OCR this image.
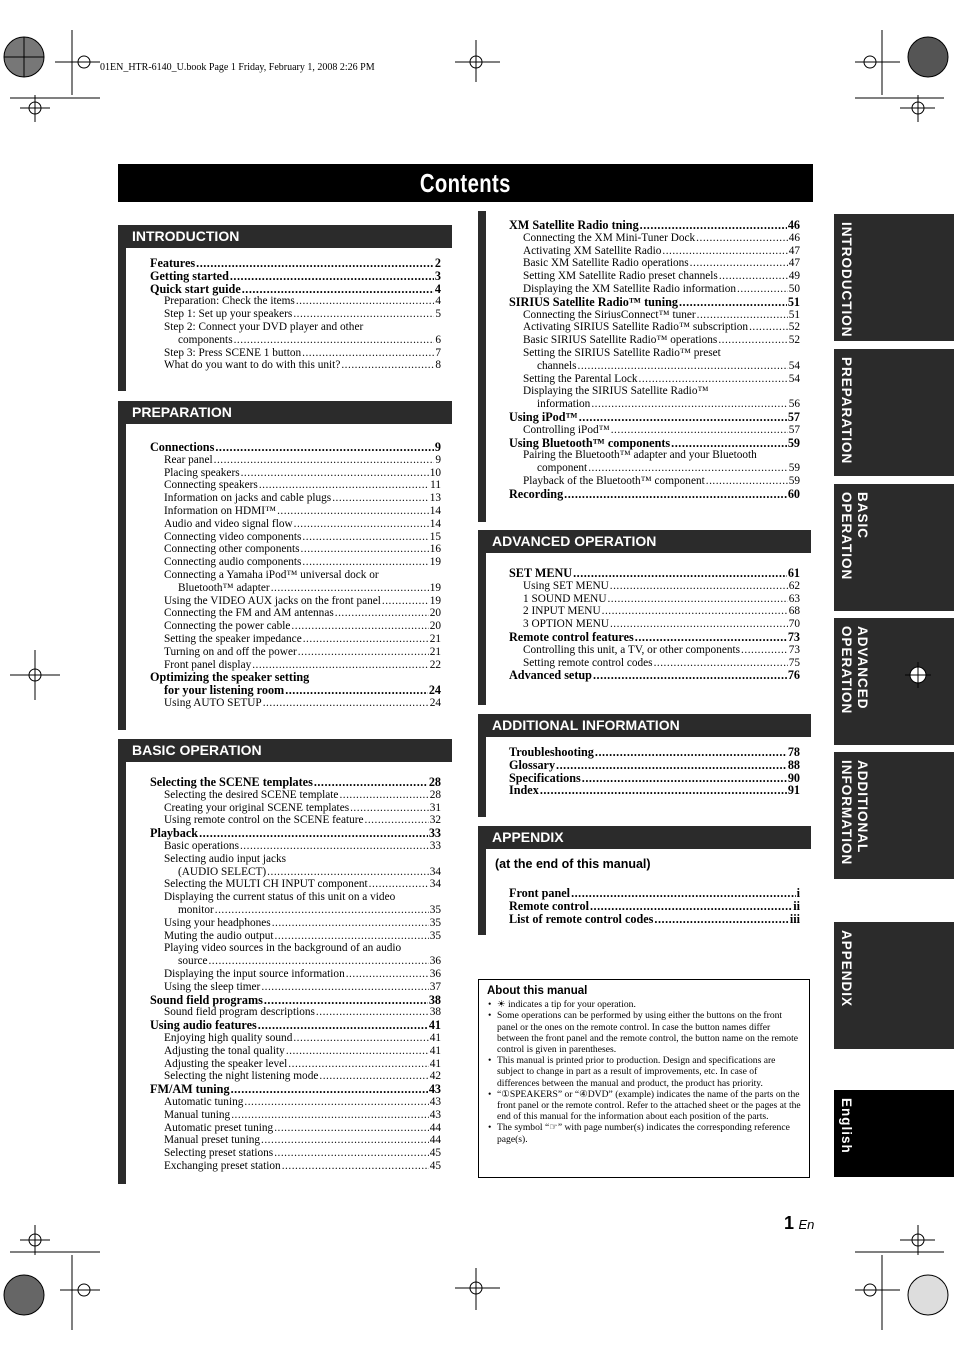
01EN_HTR-6140_U.book Page 1 Friday, February 1, 2008 2:26 PM
Contents
INTRODUCTION
Features .....	2
Getting started .....	3
Quick start guide .....	4
Preparation: Check the items .....	4
Step 1: Set up your speakers .....	5
Step 2: Connect your DVD player and other
components .....	6
Step 3: Press SCENE 1 button .....	7
What do you want to do with this unit? .....	8
PREPARATION
Connections .....	9
Rear panel .....	9
Placing speakers .....	10
Connecting speakers .....	11
Information on jacks and cable plugs .....	13
Information on HDMI™ .....	14
Audio and video signal flow .....	14
Connecting video components .....	15
Connecting other components .....	16
Connecting audio components .....	19
Connecting a Yamaha iPod™ universal dock or
Bluetooth™ adapter .....	19
Using the VIDEO AUX jacks on the front panel .....	19
Connecting the FM and AM antennas .....	20
Connecting the power cable .....	20
Setting the speaker impedance .....	21
Turning on and off the power .....	21
Front panel display .....	22
Optimizing the speaker setting
for your listening room .....	24
Using AUTO SETUP .....	24
BASIC OPERATION
Selecting the SCENE templates .....	28
Selecting the desired SCENE template .....	28
Creating your original SCENE templates .....	31
Using remote control on the SCENE feature .....	32
Playback .....	33
Basic operations .....	33
Selecting audio input jacks
(AUDIO SELECT) .....	34
Selecting the MULTI CH INPUT component .....	34
Displaying the current status of this unit on a video
monitor .....	35
Using your headphones .....	35
Muting the audio output .....	35
Playing video sources in the background of an audio
source .....	36
Displaying the input source information .....	36
Using the sleep timer .....	37
Sound field programs .....	38
Sound field program descriptions .....	38
Using audio features .....	41
Enjoying high quality sound .....	41
Adjusting the tonal quality .....	41
Adjusting the speaker level .....	41
Selecting the night listening mode .....	42
FM/AM tuning .....	43
Automatic tuning .....	43
Manual tuning .....	43
Automatic preset tuning .....	44
Manual preset tuning .....	44
Selecting preset stations .....	45
Exchanging preset station .....	45
XM Satellite Radio tning .....	46
Connecting the XM Mini-Tuner Dock .....	46
Activating XM Satellite Radio .....	47
Basic XM Satellite Radio operations .....	47
Setting XM Satellite Radio preset channels .....	49
Displaying the XM Satellite Radio information .....	50
SIRIUS Satellite Radio™ tuning .....	51
Connecting the SiriusConnect™ tuner .....	51
Activating SIRIUS Satellite Radio™ subscription .....	52
Basic SIRIUS Satellite Radio™ operations .....	52
Setting the SIRIUS Satellite Radio™ preset
channels .....	54
Setting the Parental Lock .....	54
Displaying the SIRIUS Satellite Radio™
information .....	56
Using iPod™ .....	57
Controlling iPod™ .....	57
Using Bluetooth™ components .....	59
Pairing the Bluetooth™ adapter and your Bluetooth
component .....	59
Playback of the Bluetooth™ component .....	59
Recording .....	60
ADVANCED OPERATION
SET MENU .....	61
Using SET MENU .....	62
1 SOUND MENU .....	63
2 INPUT MENU .....	68
3 OPTION MENU .....	70
Remote control features .....	73
Controlling this unit, a TV, or other components .....	73
Setting remote control codes .....	75
Advanced setup .....	76
ADDITIONAL INFORMATION
Troubleshooting .....	78
Glossary .....	88
Specifications .....	90
Index .....	91
APPENDIX
(at the end of this manual)
Front panel .....	i
Remote control .....	ii
List of remote control codes .....	iii
About this manual
• ☀ indicates a tip for your operation.
• Some operations can be performed by using either the buttons on the front panel or the ones on the remote control. In case the button names differ between the front panel and the remote control, the button name on the remote control is given in parentheses.
• This manual is printed prior to production. Design and specifications are subject to change in part as a result of improvements, etc. In case of differences between the manual and product, the product has priority.
• “①SPEAKERS” or “④DVD” (example) indicates the name of the parts on the front panel or the remote control. Refer to the attached sheet or the pages at the end of this manual for the information about each position of the parts.
• The symbol “☞” with page number(s) indicates the corresponding reference page(s).
INTRODUCTION
PREPARATION
BASIC
OPERATION
ADVANCED
OPERATION
ADDITIONAL
INFORMATION
APPENDIX
English
1 En
